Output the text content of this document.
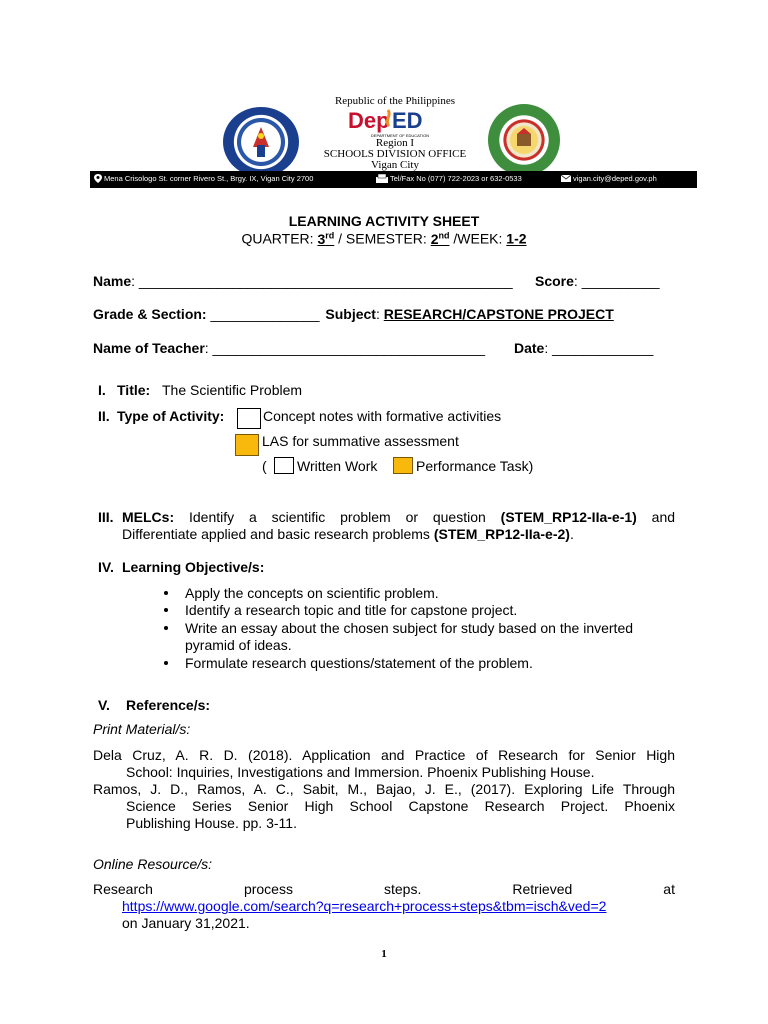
Republic of the Philippines
Dep ED
DEPARTMENT OF EDUCATION
Region I
SCHOOLS DIVISION OFFICE
Vigan City
Mena Crisologo St. corner Rivero St., Brgy. IX, Vigan City 2700	Tel/Fax No (077) 722-2023 or 632-0533	vigan.city@deped.gov.ph
LEARNING ACTIVITY SHEET
QUARTER: 3rd / SEMESTER: 2nd /WEEK: 1-2
Name: ________________________________________________ Score: __________
Grade & Section: ______________ Subject: RESEARCH/CAPSTONE PROJECT
Name of Teacher: ___________________________________ Date: _____________
I. Title: The Scientific Problem
II. Type of Activity:	Concept notes with formative activities
LAS for summative assessment
( Written Work	Performance Task)
III. MELCs: Identify a scientific problem or question (STEM_RP12-IIa-e-1) and
Differentiate applied and basic research problems (STEM_RP12-IIa-e-2).
IV. Learning Objective/s:
Apply the concepts on scientific problem.
Identify a research topic and title for capstone project.
Write an essay about the chosen subject for study based on the inverted
pyramid of ideas.
Formulate research questions/statement of the problem.
V. Reference/s:
Print Material/s:
Dela Cruz, A. R. D. (2018). Application and Practice of Research for Senior High
School: Inquiries, Investigations and Immersion. Phoenix Publishing House.
Ramos, J. D., Ramos, A. C., Sabit, M., Bajao, J. E., (2017). Exploring Life Through
Science Series Senior High School Capstone Research Project. Phoenix
Publishing House. pp. 3-11.
Online Resource/s:
Research process steps. Retrieved at
https://www.google.com/search?q=research+process+steps&tbm=isch&ved=2
on January 31,2021.
1
